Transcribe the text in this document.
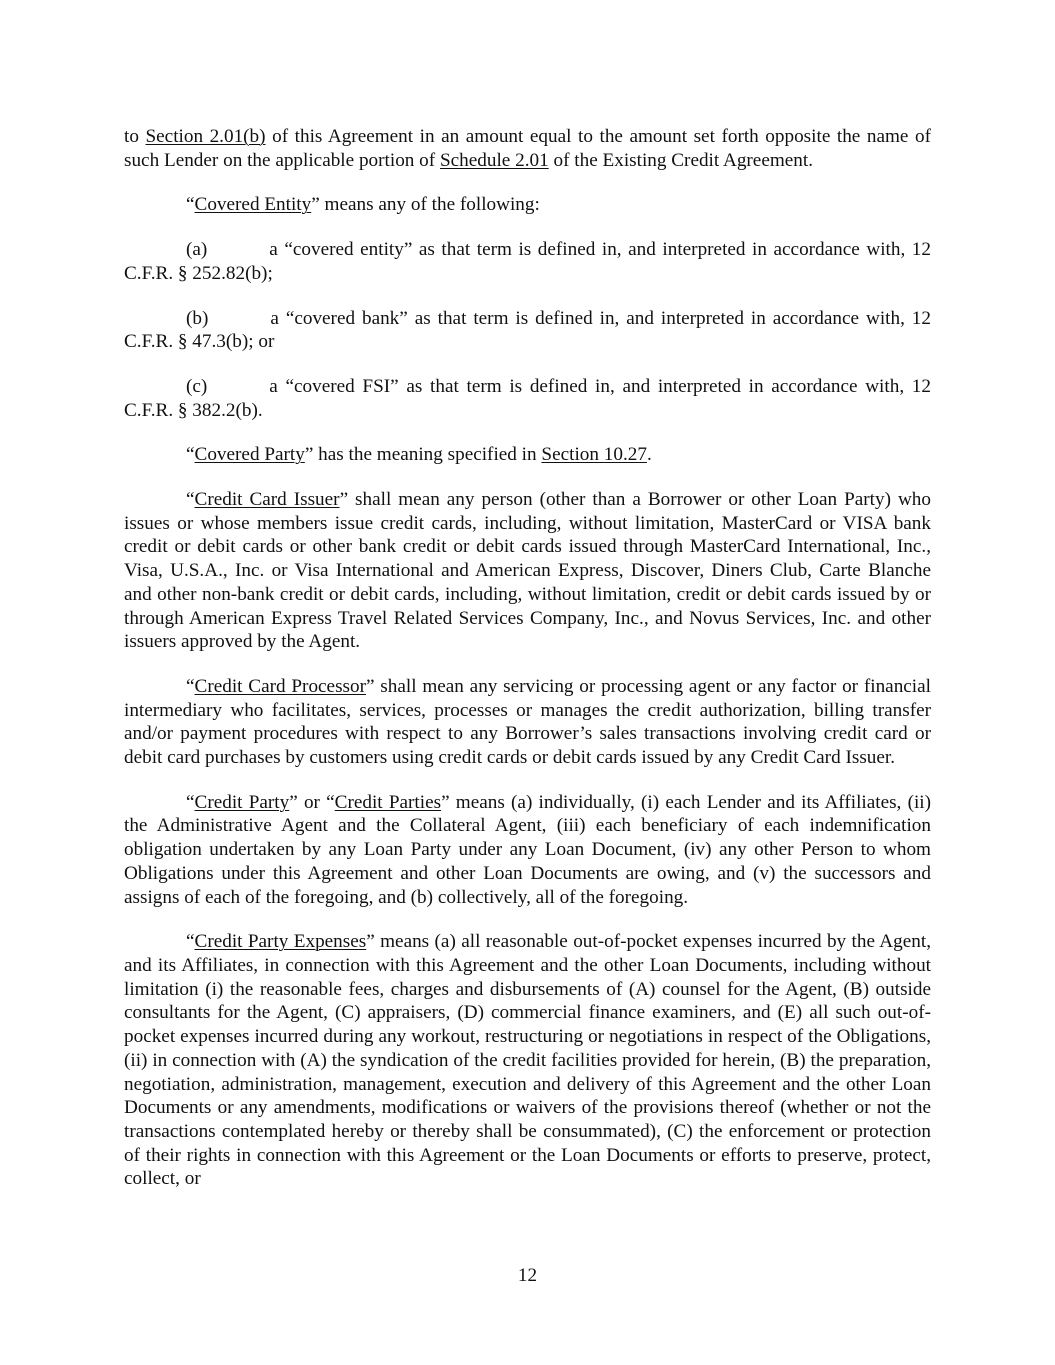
to Section 2.01(b) of this Agreement in an amount equal to the amount set forth opposite the name of such Lender on the applicable portion of Schedule 2.01 of the Existing Credit Agreement.

“Covered Entity” means any of the following:

(a)	a “covered entity” as that term is defined in, and interpreted in accordance with, 12 C.F.R. § 252.82(b);

(b)	a “covered bank” as that term is defined in, and interpreted in accordance with, 12 C.F.R. § 47.3(b); or

(c)	a “covered FSI” as that term is defined in, and interpreted in accordance with, 12 C.F.R. § 382.2(b).

“Covered Party” has the meaning specified in Section 10.27.

“Credit Card Issuer” shall mean any person (other than a Borrower or other Loan Party) who issues or whose members issue credit cards, including, without limitation, MasterCard or VISA bank credit or debit cards or other bank credit or debit cards issued through MasterCard International, Inc., Visa, U.S.A., Inc. or Visa International and American Express, Discover, Diners Club, Carte Blanche and other non-bank credit or debit cards, including, without limitation, credit or debit cards issued by or through American Express Travel Related Services Company, Inc., and Novus Services, Inc. and other issuers approved by the Agent.

“Credit Card Processor” shall mean any servicing or processing agent or any factor or financial intermediary who facilitates, services, processes or manages the credit authorization, billing transfer and/or payment procedures with respect to any Borrower’s sales transactions involving credit card or debit card purchases by customers using credit cards or debit cards issued by any Credit Card Issuer.

“Credit Party” or “Credit Parties” means (a) individually, (i) each Lender and its Affiliates, (ii) the Administrative Agent and the Collateral Agent, (iii) each beneficiary of each indemnification obligation undertaken by any Loan Party under any Loan Document, (iv) any other Person to whom Obligations under this Agreement and other Loan Documents are owing, and (v) the successors and assigns of each of the foregoing, and (b) collectively, all of the foregoing.

“Credit Party Expenses” means (a) all reasonable out-of-pocket expenses incurred by the Agent, and its Affiliates, in connection with this Agreement and the other Loan Documents, including without limitation (i) the reasonable fees, charges and disbursements of (A) counsel for the Agent, (B) outside consultants for the Agent, (C) appraisers, (D) commercial finance examiners, and (E) all such out-of-pocket expenses incurred during any workout, restructuring or negotiations in respect of the Obligations, (ii) in connection with (A) the syndication of the credit facilities provided for herein, (B) the preparation, negotiation, administration, management, execution and delivery of this Agreement and the other Loan Documents or any amendments, modifications or waivers of the provisions thereof (whether or not the transactions contemplated hereby or thereby shall be consummated), (C) the enforcement or protection of their rights in connection with this Agreement or the Loan Documents or efforts to preserve, protect, collect, or

12
